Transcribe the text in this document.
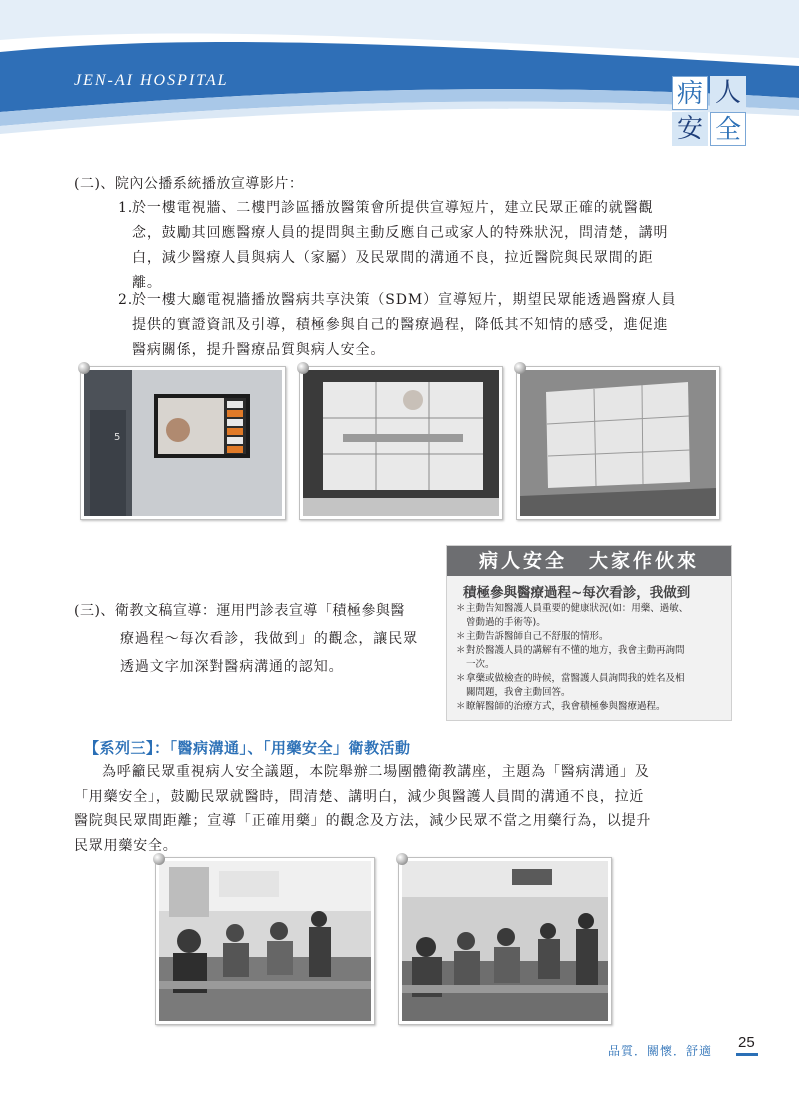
JEN-AI HOSPITAL	病 人
安 全
(二)、院內公播系統播放宣導影片：
1.
於一樓電視牆、二樓門診區播放醫策會所提供宣導短片，建立民眾正確的就醫觀
念，鼓勵其回應醫療人員的提問與主動反應自己或家人的特殊狀況，問清楚，講明
白，減少醫療人員與病人（家屬）及民眾間的溝通不良，拉近醫院與民眾間的距
離。
2.
於一樓大廳電視牆播放醫病共享決策（SDM）宣導短片，期望民眾能透過醫療人員
提供的實證資訊及引導，積極參與自己的醫療過程，降低其不知情的感受，進促進
醫病關係，提升醫療品質與病人安全。
5
病人安全　大家作伙來
積極參與醫療過程~每次看診，我做到
＊ 主動告知醫護人員重要的健康狀況(如：用藥、過敏、
曾動過的手術等)。
＊ 主動告訴醫師自己不舒服的情形。
＊ 對於醫護人員的講解有不懂的地方，我會主動再詢問
一次。
＊ 拿藥或做檢查的時候，當醫護人員詢問我的姓名及相
關問題，我會主動回答。
＊ 瞭解醫師的治療方式，我會積極參與醫療過程。
(三)、衛教文稿宣導：運用門診表宣導「積極參與醫
療過程～每次看診，我做到」的觀念，讓民眾
透過文字加深對醫病溝通的認知。
【系列三】：「醫病溝通」、「用藥安全」衛教活動
為呼籲民眾重視病人安全議題，本院舉辦二場團體衛教講座，主題為「醫病溝通」及
「用藥安全」，鼓勵民眾就醫時，問清楚、講明白，減少與醫護人員間的溝通不良，拉近
醫院與民眾間距離；宣導「正確用藥」的觀念及方法，減少民眾不當之用藥行為，以提升
民眾用藥安全。
品質．關懷．舒適 25
